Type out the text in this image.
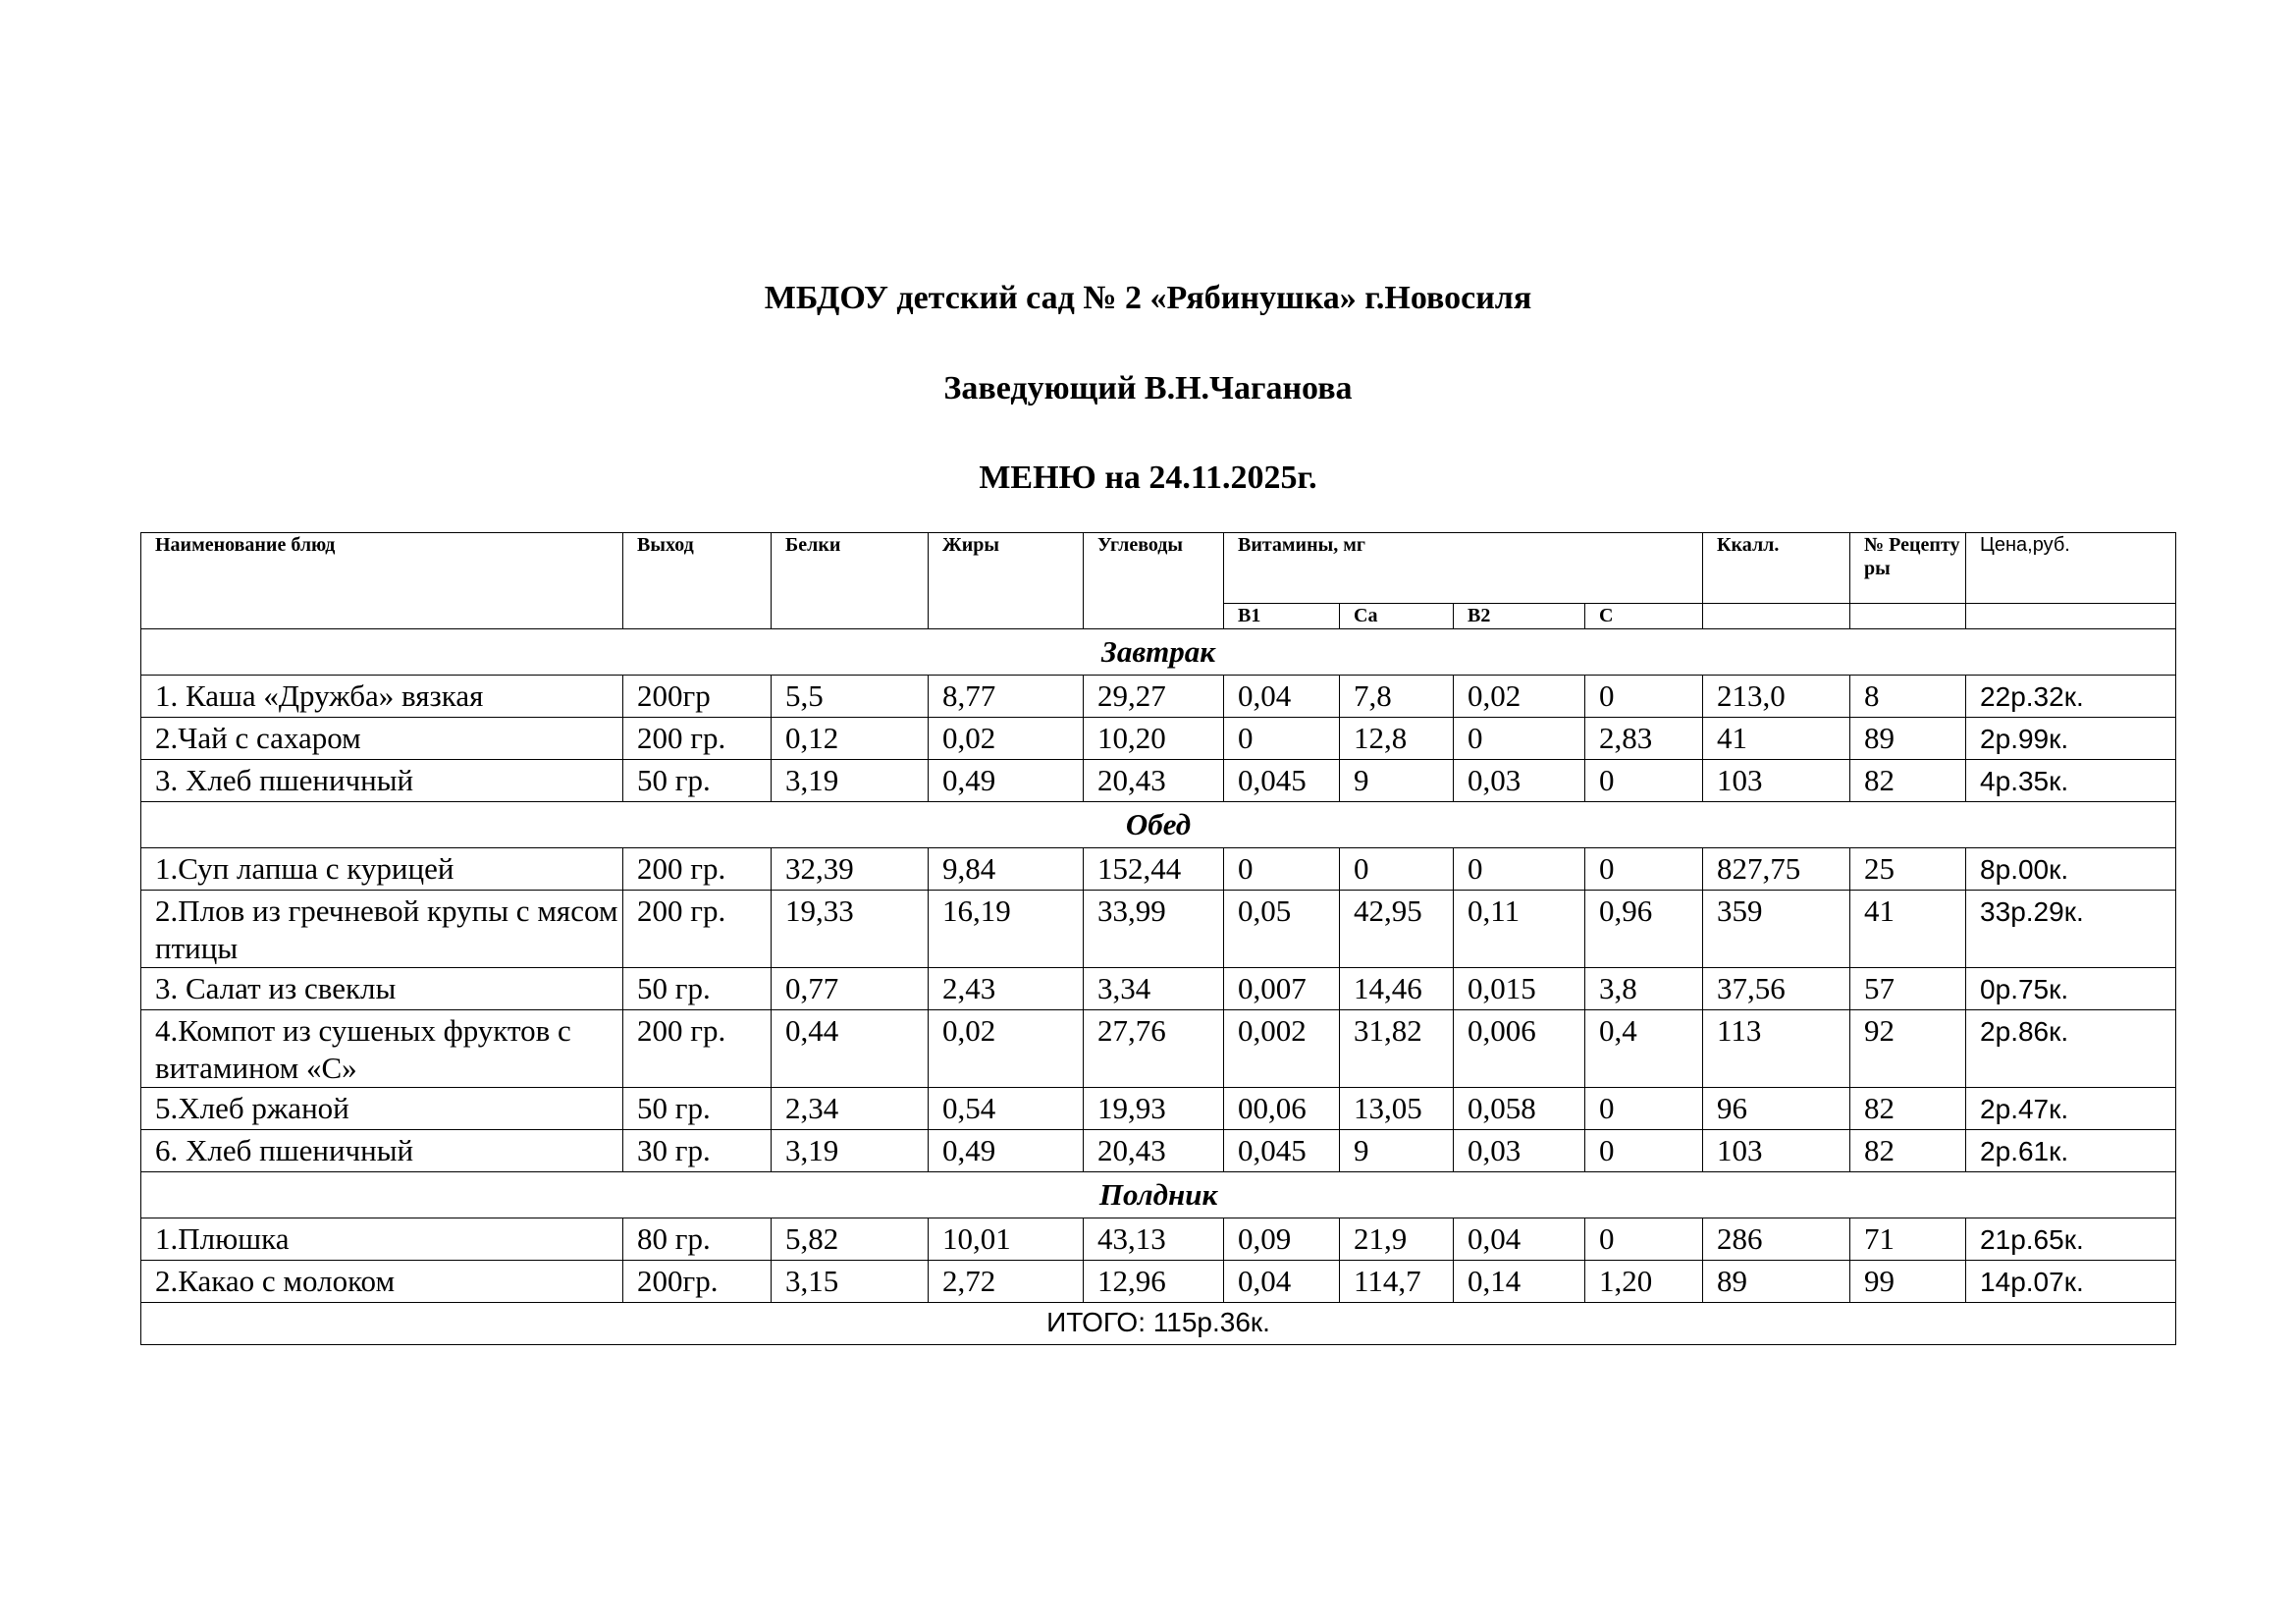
МБДОУ детский сад № 2 «Рябинушка» г.Новосиля
Заведующий В.Н.Чаганова
МЕНЮ на 24.11.2025г.
Наименование блюд	Выход	Белки	Жиры	Углеводы	Витамины, мг				Ккалл.	№ Рецепту ры	Цена,руб.
					В1	Са	В2	С			
Завтрак											
1. Каша «Дружба» вязкая	200гр	5,5	8,77	29,27	0,04	7,8	0,02	0	213,0	8	22р.32к.
2.Чай с сахаром	200 гр.	0,12	0,02	10,20	0	12,8	0	2,83	41	89	2р.99к.
3. Хлеб пшеничный	50 гр.	3,19	0,49	20,43	0,045	9	0,03	0	103	82	4р.35к.
Обед											
1.Суп лапша с курицей	200 гр.	32,39	9,84	152,44	0	0	0	0	827,75	25	8р.00к.
2.Плов из гречневой крупы с мясом птицы	200 гр.	19,33	16,19	33,99	0,05	42,95	0,11	0,96	359	41	33р.29к.
3. Салат из свеклы	50 гр.	0,77	2,43	3,34	0,007	14,46	0,015	3,8	37,56	57	0р.75к.
4.Компот из сушеных фруктов с витамином «С»	200 гр.	0,44	0,02	27,76	0,002	31,82	0,006	0,4	113	92	2р.86к.
5.Хлеб ржаной	50 гр.	2,34	0,54	19,93	00,06	13,05	0,058	0	96	82	2р.47к.
6. Хлеб пшеничный	30 гр.	3,19	0,49	20,43	0,045	9	0,03	0	103	82	2р.61к.
Полдник											
1.Плюшка	80 гр.	5,82	10,01	43,13	0,09	21,9	0,04	0	286	71	21р.65к.
2.Какао с молоком	200гр.	3,15	2,72	12,96	0,04	114,7	0,14	1,20	89	99	14р.07к.
ИТОГО: 115р.36к.											
